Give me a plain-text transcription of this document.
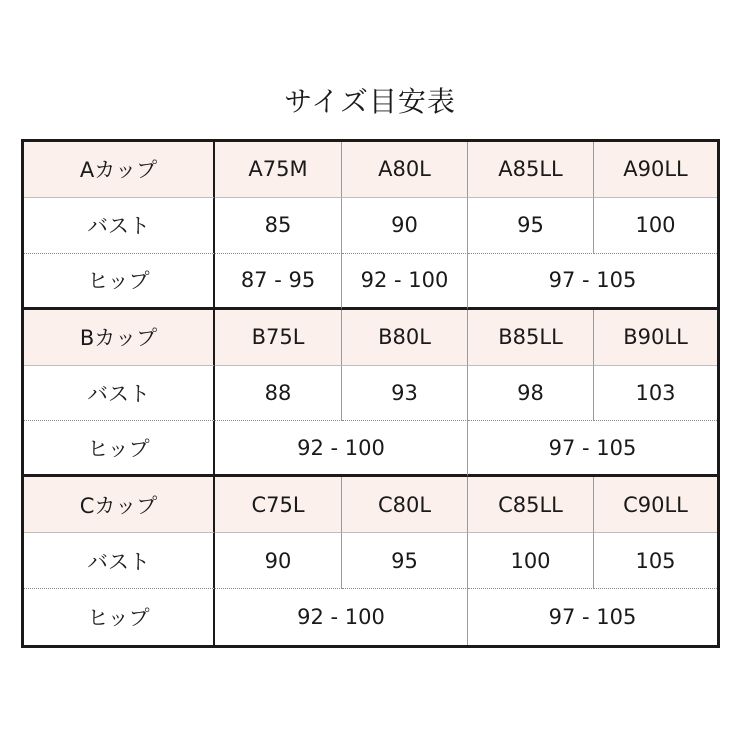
サイズ目安表
Aカップ	A75M	A80L	A85LL	A90LL
バスト	85	90	95	100
ヒップ	87 - 95	92 - 100	97 - 105
Bカップ	B75L	B80L	B85LL	B90LL
バスト	88	93	98	103
ヒップ	92 - 100	97 - 105
Cカップ	C75L	C80L	C85LL	C90LL
バスト	90	95	100	105
ヒップ	92 - 100	97 - 105
